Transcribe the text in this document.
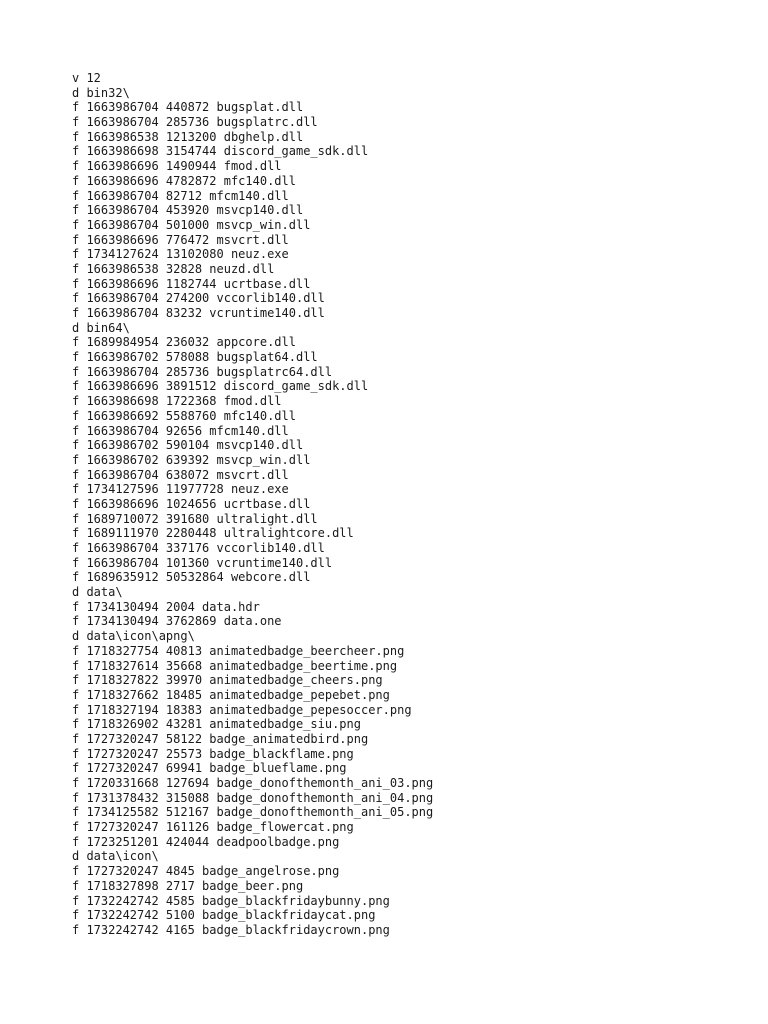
v 12
d bin32\
f 1663986704 440872 bugsplat.dll
f 1663986704 285736 bugsplatrc.dll
f 1663986538 1213200 dbghelp.dll
f 1663986698 3154744 discord_game_sdk.dll
f 1663986696 1490944 fmod.dll
f 1663986696 4782872 mfc140.dll
f 1663986704 82712 mfcm140.dll
f 1663986704 453920 msvcp140.dll
f 1663986704 501000 msvcp_win.dll
f 1663986696 776472 msvcrt.dll
f 1734127624 13102080 neuz.exe
f 1663986538 32828 neuzd.dll
f 1663986696 1182744 ucrtbase.dll
f 1663986704 274200 vccorlib140.dll
f 1663986704 83232 vcruntime140.dll
d bin64\
f 1689984954 236032 appcore.dll
f 1663986702 578088 bugsplat64.dll
f 1663986704 285736 bugsplatrc64.dll
f 1663986696 3891512 discord_game_sdk.dll
f 1663986698 1722368 fmod.dll
f 1663986692 5588760 mfc140.dll
f 1663986704 92656 mfcm140.dll
f 1663986702 590104 msvcp140.dll
f 1663986702 639392 msvcp_win.dll
f 1663986704 638072 msvcrt.dll
f 1734127596 11977728 neuz.exe
f 1663986696 1024656 ucrtbase.dll
f 1689710072 391680 ultralight.dll
f 1689111970 2280448 ultralightcore.dll
f 1663986704 337176 vccorlib140.dll
f 1663986704 101360 vcruntime140.dll
f 1689635912 50532864 webcore.dll
d data\
f 1734130494 2004 data.hdr
f 1734130494 3762869 data.one
d data\icon\apng\
f 1718327754 40813 animatedbadge_beercheer.png
f 1718327614 35668 animatedbadge_beertime.png
f 1718327822 39970 animatedbadge_cheers.png
f 1718327662 18485 animatedbadge_pepebet.png
f 1718327194 18383 animatedbadge_pepesoccer.png
f 1718326902 43281 animatedbadge_siu.png
f 1727320247 58122 badge_animatedbird.png
f 1727320247 25573 badge_blackflame.png
f 1727320247 69941 badge_blueflame.png
f 1720331668 127694 badge_donofthemonth_ani_03.png
f 1731378432 315088 badge_donofthemonth_ani_04.png
f 1734125582 512167 badge_donofthemonth_ani_05.png
f 1727320247 161126 badge_flowercat.png
f 1723251201 424044 deadpoolbadge.png
d data\icon\
f 1727320247 4845 badge_angelrose.png
f 1718327898 2717 badge_beer.png
f 1732242742 4585 badge_blackfridaybunny.png
f 1732242742 5100 badge_blackfridaycat.png
f 1732242742 4165 badge_blackfridaycrown.png
